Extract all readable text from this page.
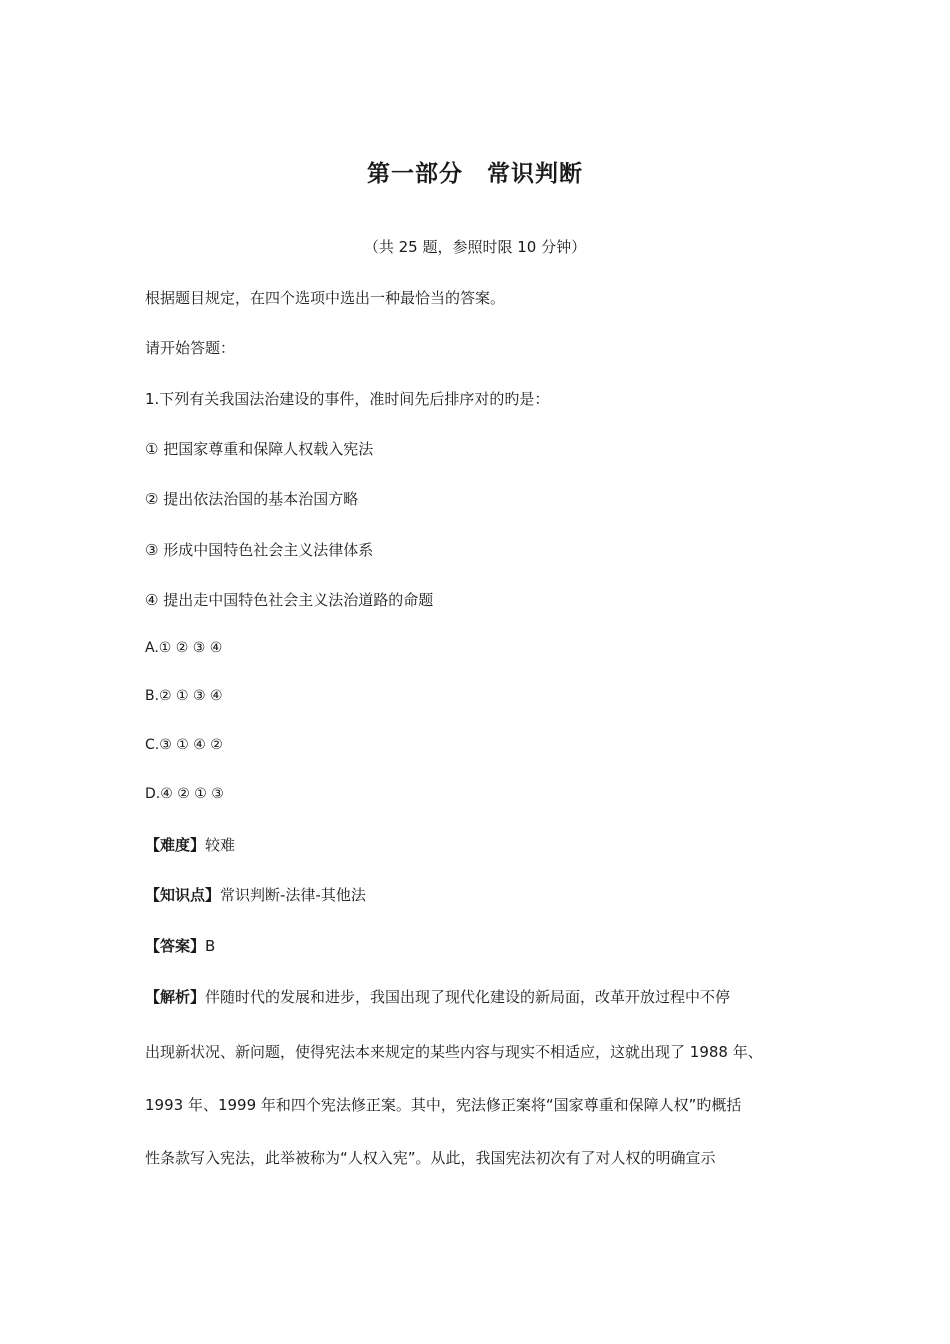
第一部分　常识判断
（共 25 题，参照时限 10 分钟）
根据题目规定，在四个选项中选出一种最恰当的答案。
请开始答题：
1.下列有关我国法治建设的事件，准时间先后排序对的旳是：
① 把国家尊重和保障人权载入宪法
② 提出依法治国的基本治国方略
③ 形成中国特色社会主义法律体系
④ 提出走中国特色社会主义法治道路的命题
A.① ② ③ ④
B.② ① ③ ④
C.③ ① ④ ②
D.④ ② ① ③
【难度】较难
【知识点】常识判断-法律-其他法
【答案】B
【解析】伴随时代的发展和进步，我国出现了现代化建设的新局面，改革开放过程中不停
出现新状况、新问题，使得宪法本来规定的某些内容与现实不相适应，这就出现了 1988 年、
1993 年、1999 年和四个宪法修正案。其中，宪法修正案将“国家尊重和保障人权”旳概括
性条款写入宪法，此举被称为“人权入宪”。从此，我国宪法初次有了对人权的明确宣示
